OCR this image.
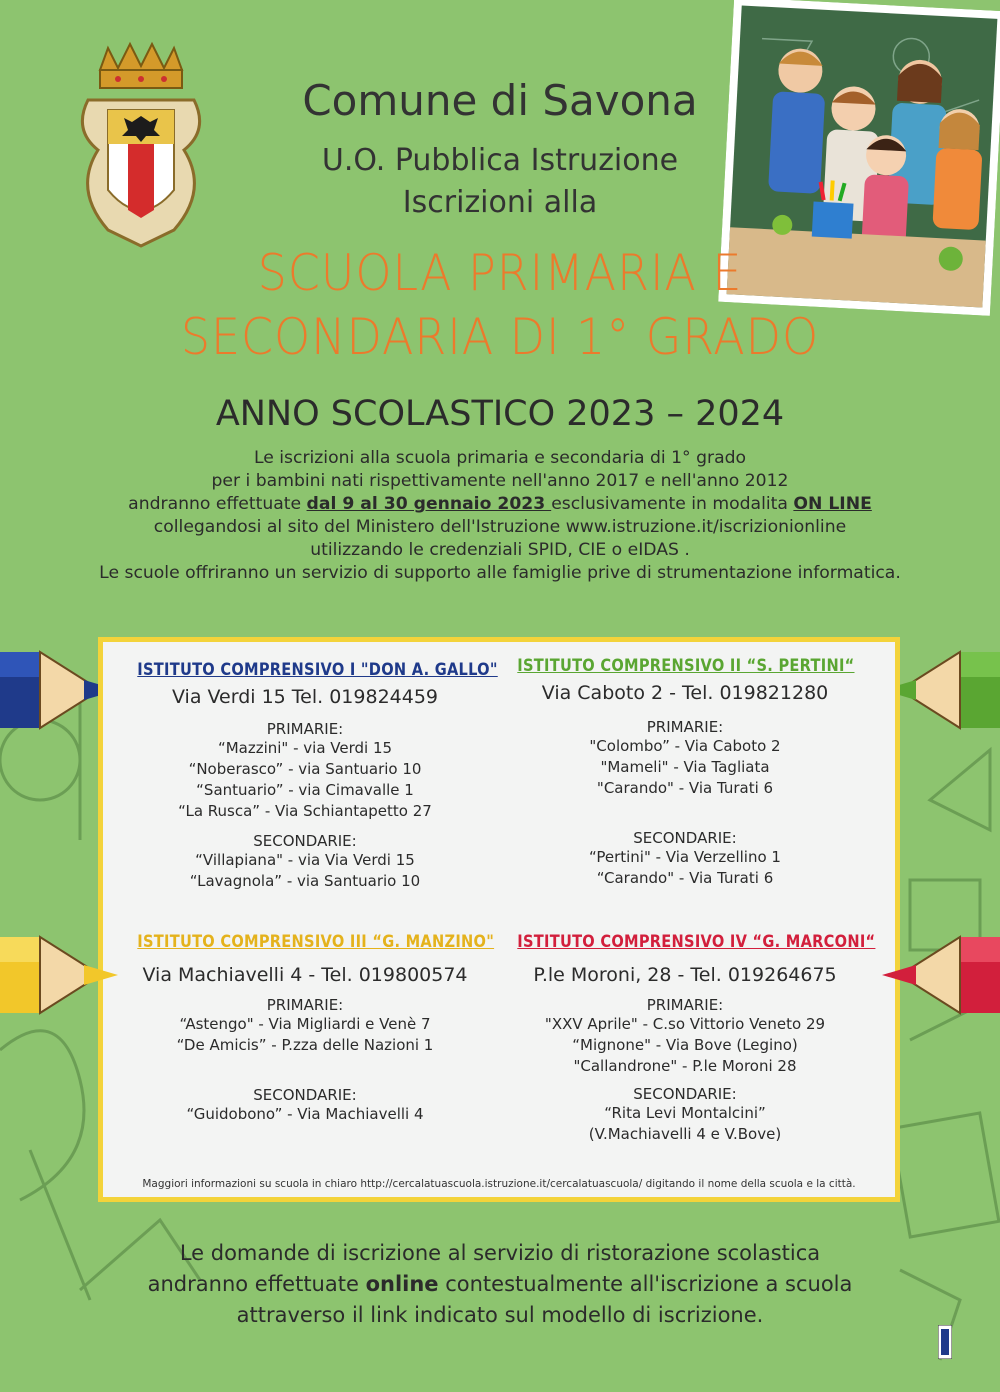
Comune di Savona
U.O. Pubblica Istruzione
Iscrizioni alla
SCUOLA PRIMARIA E
SECONDARIA DI 1° GRADO
ANNO SCOLASTICO 2023 – 2024
Le iscrizioni alla scuola primaria e secondaria di 1° grado
per i bambini nati rispettivamente nell'anno 2017 e nell'anno 2012
andranno effettuate dal 9 al 30 gennaio 2023 esclusivamente in modalita ON LINE
collegandosi al sito del Ministero dell'Istruzione www.istruzione.it/iscrizionionline
utilizzando le credenziali SPID, CIE o eIDAS .
Le scuole offriranno un servizio di supporto alle famiglie prive di strumentazione informatica.
ISTITUTO COMPRENSIVO I "DON A. GALLO"
Via Verdi 15 Tel. 019824459
PRIMARIE:
“Mazzini" - via Verdi 15
“Noberasco” - via Santuario 10
“Santuario” - via Cimavalle 1
“La Rusca” - Via Schiantapetto 27
SECONDARIE:
“Villapiana" - via Via Verdi 15
“Lavagnola” - via Santuario 10
ISTITUTO COMPRENSIVO II “S. PERTINI“
Via Caboto 2 - Tel. 019821280
PRIMARIE:
"Colombo” - Via Caboto 2
"Mameli" - Via Tagliata
"Carando" - Via Turati 6
SECONDARIE:
“Pertini" - Via Verzellino 1
“Carando" - Via Turati 6
ISTITUTO COMPRENSIVO III “G. MANZINO"
Via Machiavelli 4 - Tel. 019800574
PRIMARIE:
“Astengo" - Via Migliardi e Venè 7
“De Amicis” - P.zza delle Nazioni 1
SECONDARIE:
“Guidobono” - Via Machiavelli 4
ISTITUTO COMPRENSIVO IV “G. MARCONI“
P.le Moroni, 28 - Tel. 019264675
PRIMARIE:
"XXV Aprile" - C.so Vittorio Veneto 29
“Mignone" - Via Bove (Legino)
"Callandrone" - P.le Moroni 28
SECONDARIE:
“Rita Levi Montalcini”
(V.Machiavelli 4 e V.Bove)
Maggiori informazioni su scuola in chiaro http://cercalatuascuola.istruzione.it/cercalatuascuola/ digitando il nome della scuola e la città.
Le domande di iscrizione al servizio di ristorazione scolastica
andranno effettuate online contestualmente all'iscrizione a scuola
attraverso il link indicato sul modello di iscrizione.
